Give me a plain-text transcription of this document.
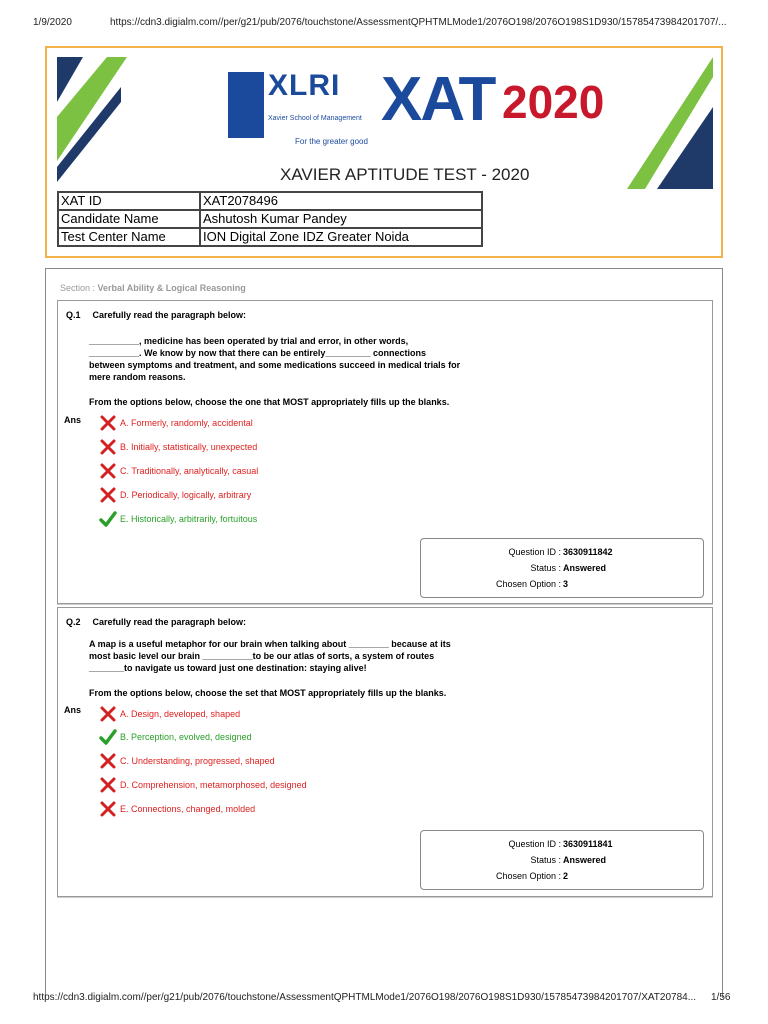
1/9/2020	https://cdn3.digialm.com//per/g21/pub/2076/touchstone/AssessmentQPHTMLMode1/2076O198/2076O198S1D930/15785473984201707/...
XLRI
Xavier School of Management
For the greater good
XAT 2020
XAVIER APTITUDE TEST - 2020
XAT ID	XAT2078496
Candidate Name	Ashutosh Kumar Pandey
Test Center Name	ION Digital Zone IDZ Greater Noida
Section : Verbal Ability & Logical Reasoning
Q.1 Carefully read the paragraph below:
__________, medicine has been operated by trial and error, in other words,
__________. We know by now that there can be entirely_________ connections
between symptoms and treatment, and some medications succeed in medical trials for
mere random reasons.
From the options below, choose the one that MOST appropriately fills up the blanks.
Ans	A. Formerly, randomly, accidental
B. Initially, statistically, unexpected
C. Traditionally, analytically, casual
D. Periodically, logically, arbitrary
E. Historically, arbitrarily, fortuitous
Question ID : 3630911842
Status : Answered
Chosen Option : 3
Q.2 Carefully read the paragraph below:
A map is a useful metaphor for our brain when talking about ________ because at its
most basic level our brain __________to be our atlas of sorts, a system of routes
_______to navigate us toward just one destination: staying alive!
From the options below, choose the set that MOST appropriately fills up the blanks.
Ans	A. Design, developed, shaped
B. Perception, evolved, designed
C. Understanding, progressed, shaped
D. Comprehension, metamorphosed, designed
E. Connections, changed, molded
Question ID : 3630911841
Status : Answered
Chosen Option : 2
https://cdn3.digialm.com//per/g21/pub/2076/touchstone/AssessmentQPHTMLMode1/2076O198/2076O198S1D930/15785473984201707/XAT20784...	1/56
